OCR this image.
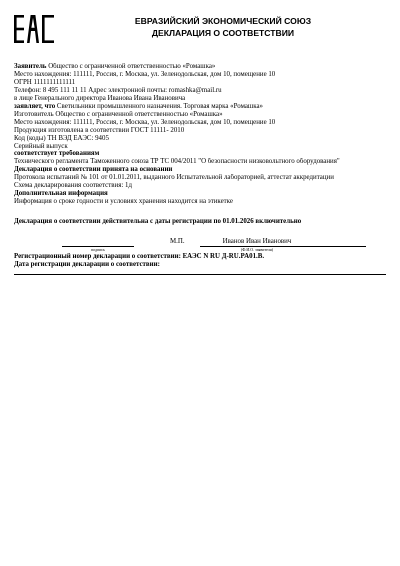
ЕВРАЗИЙСКИЙ ЭКОНОМИЧЕСКИЙ СОЮЗ
ДЕКЛАРАЦИЯ О СООТВЕТСТВИИ
Заявитель Общество с ограниченной ответственностью «Ромашка»
Место нахождения: 111111, Россия, г. Москва, ул. Зеленодольская, дом 10, помещение 10
ОГРН 1111111111111
Телефон: 8 495 111 11 11 Адрес электронной почты: romashka@mail.ru
в лице Генерального директора Иванова Ивана Ивановича
заявляет, что Светильники промышленного назначения. Торговая марка «Ромашка»
Изготовитель Общество с ограниченной ответственностью «Ромашка»
Место нахождения: 111111, Россия, г. Москва, ул. Зеленодольская, дом 10, помещение 10
Продукция изготовлена в соответствии ГОСТ 11111- 2010
Код (коды) ТН ВЭД ЕАЭС: 9405
Серийный выпуск
соответствует требованиям
Технического регламента Таможенного союза ТР ТС 004/2011 "О безопасности низковольтного оборудования"
Декларация о соответствии принята на основании
Протокола испытаний № 101 от 01.01.2011, выданного Испытательной лабораторией, аттестат аккредитации
Схема декларирования соответствия: 1д
Дополнительная информация
Информация о сроке годности и условиях хранения находится на этикетке
Декларация о соответствии действительна с даты регистрации по 01.01.2026 включительно
подпись
М.П.	Иванов Иван Иванович
(Ф.И.О. заявителя)
Регистрационный номер декларации о соответствии: ЕАЭС N RU Д-RU.PA01.В.
Дата регистрации декларации о соответствии:
